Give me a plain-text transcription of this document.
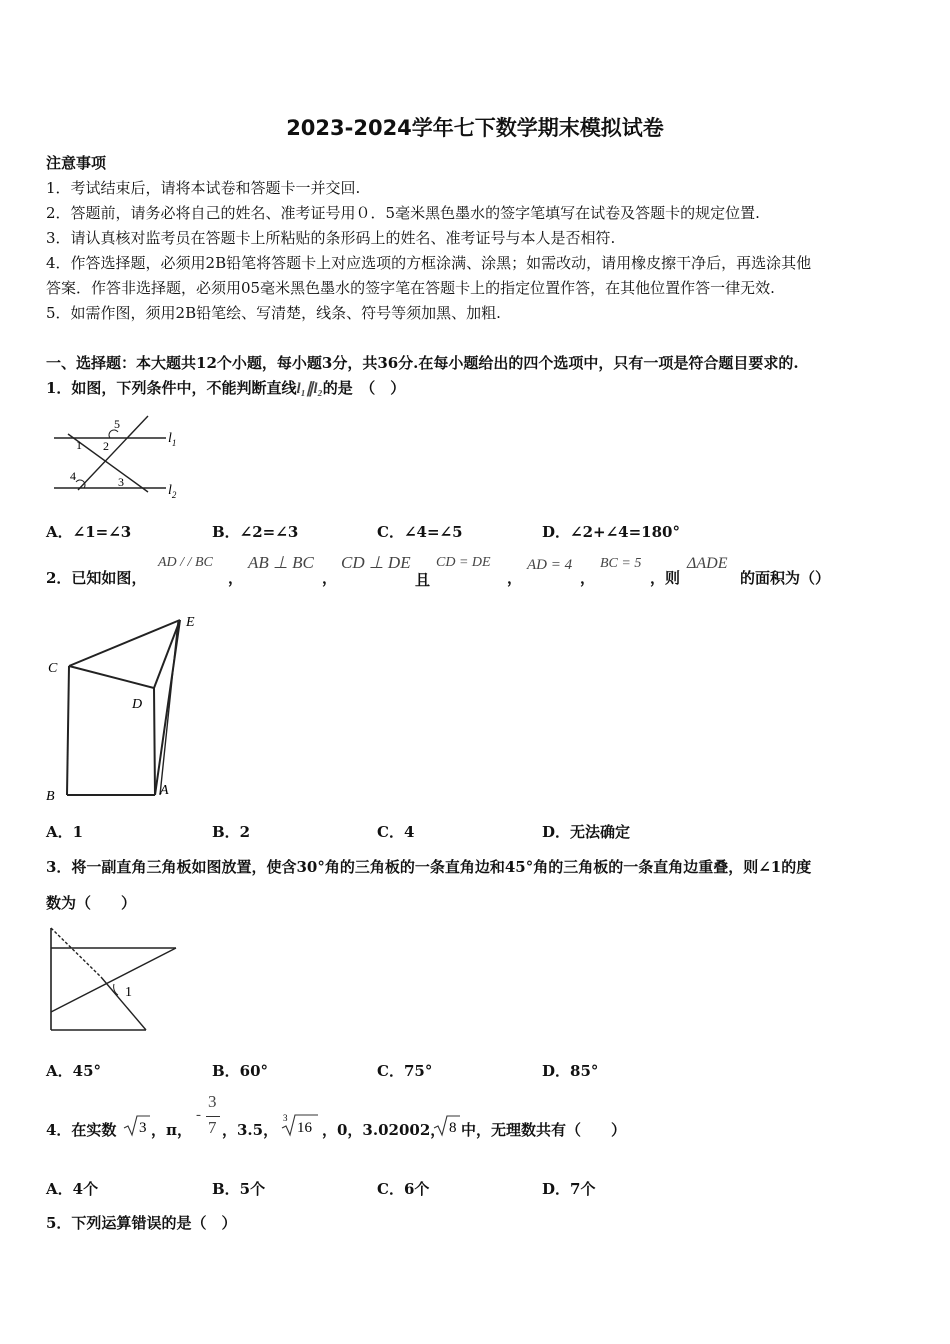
2023-2024学年七下数学期末模拟试卷
注意事项
1．考试结束后，请将本试卷和答题卡一并交回.
2．答题前，请务必将自己的姓名、准考证号用０．5毫米黑色墨水的签字笔填写在试卷及答题卡的规定位置.
3．请认真核对监考员在答题卡上所粘贴的条形码上的姓名、准考证号与本人是否相符.
4．作答选择题，必须用2B铅笔将答题卡上对应选项的方框涂满、涂黑；如需改动，请用橡皮擦干净后，再选涂其他
答案．作答非选择题，必须用05毫米黑色墨水的签字笔在答题卡上的指定位置作答，在其他位置作答一律无效.
5．如需作图，须用2B铅笔绘、写清楚，线条、符号等须加黑、加粗.
一、选择题：本大题共12个小题，每小题3分，共36分.在每小题给出的四个选项中，只有一项是符合题目要求的.
1．如图，下列条件中，不能判断直线l₁∥l₂的是　（　）
5
1 2
4	3
$l_1$
$l_2$
A．∠1=∠3	B．∠2=∠3	C．∠4=∠5	D．∠2+∠4=180°
2．已知如图，
AD / / BC
，
AB ⊥ BC
，
CD ⊥ DE
且
CD = DE
，
AD = 4
，
BC = 5
，则
ΔADE
的面积为（）
C
E
D
B	A
A．1	B．2	C．4	D．无法确定
3．将一副直角三角板如图放置，使含30°角的三角板的一条直角边和45°角的三角板的一条直角边重叠，则∠1的度
数为（　　）
1
A．45°	B．60°	C．75°	D．85°
4．在实数 3 ，π，
-
3
7 ，3.5，
3
16 ，0，3.02002， 8 中，无理数共有（　　）
A．4个	B．5个	C．6个	D．7个
5．下列运算错误的是（　）
